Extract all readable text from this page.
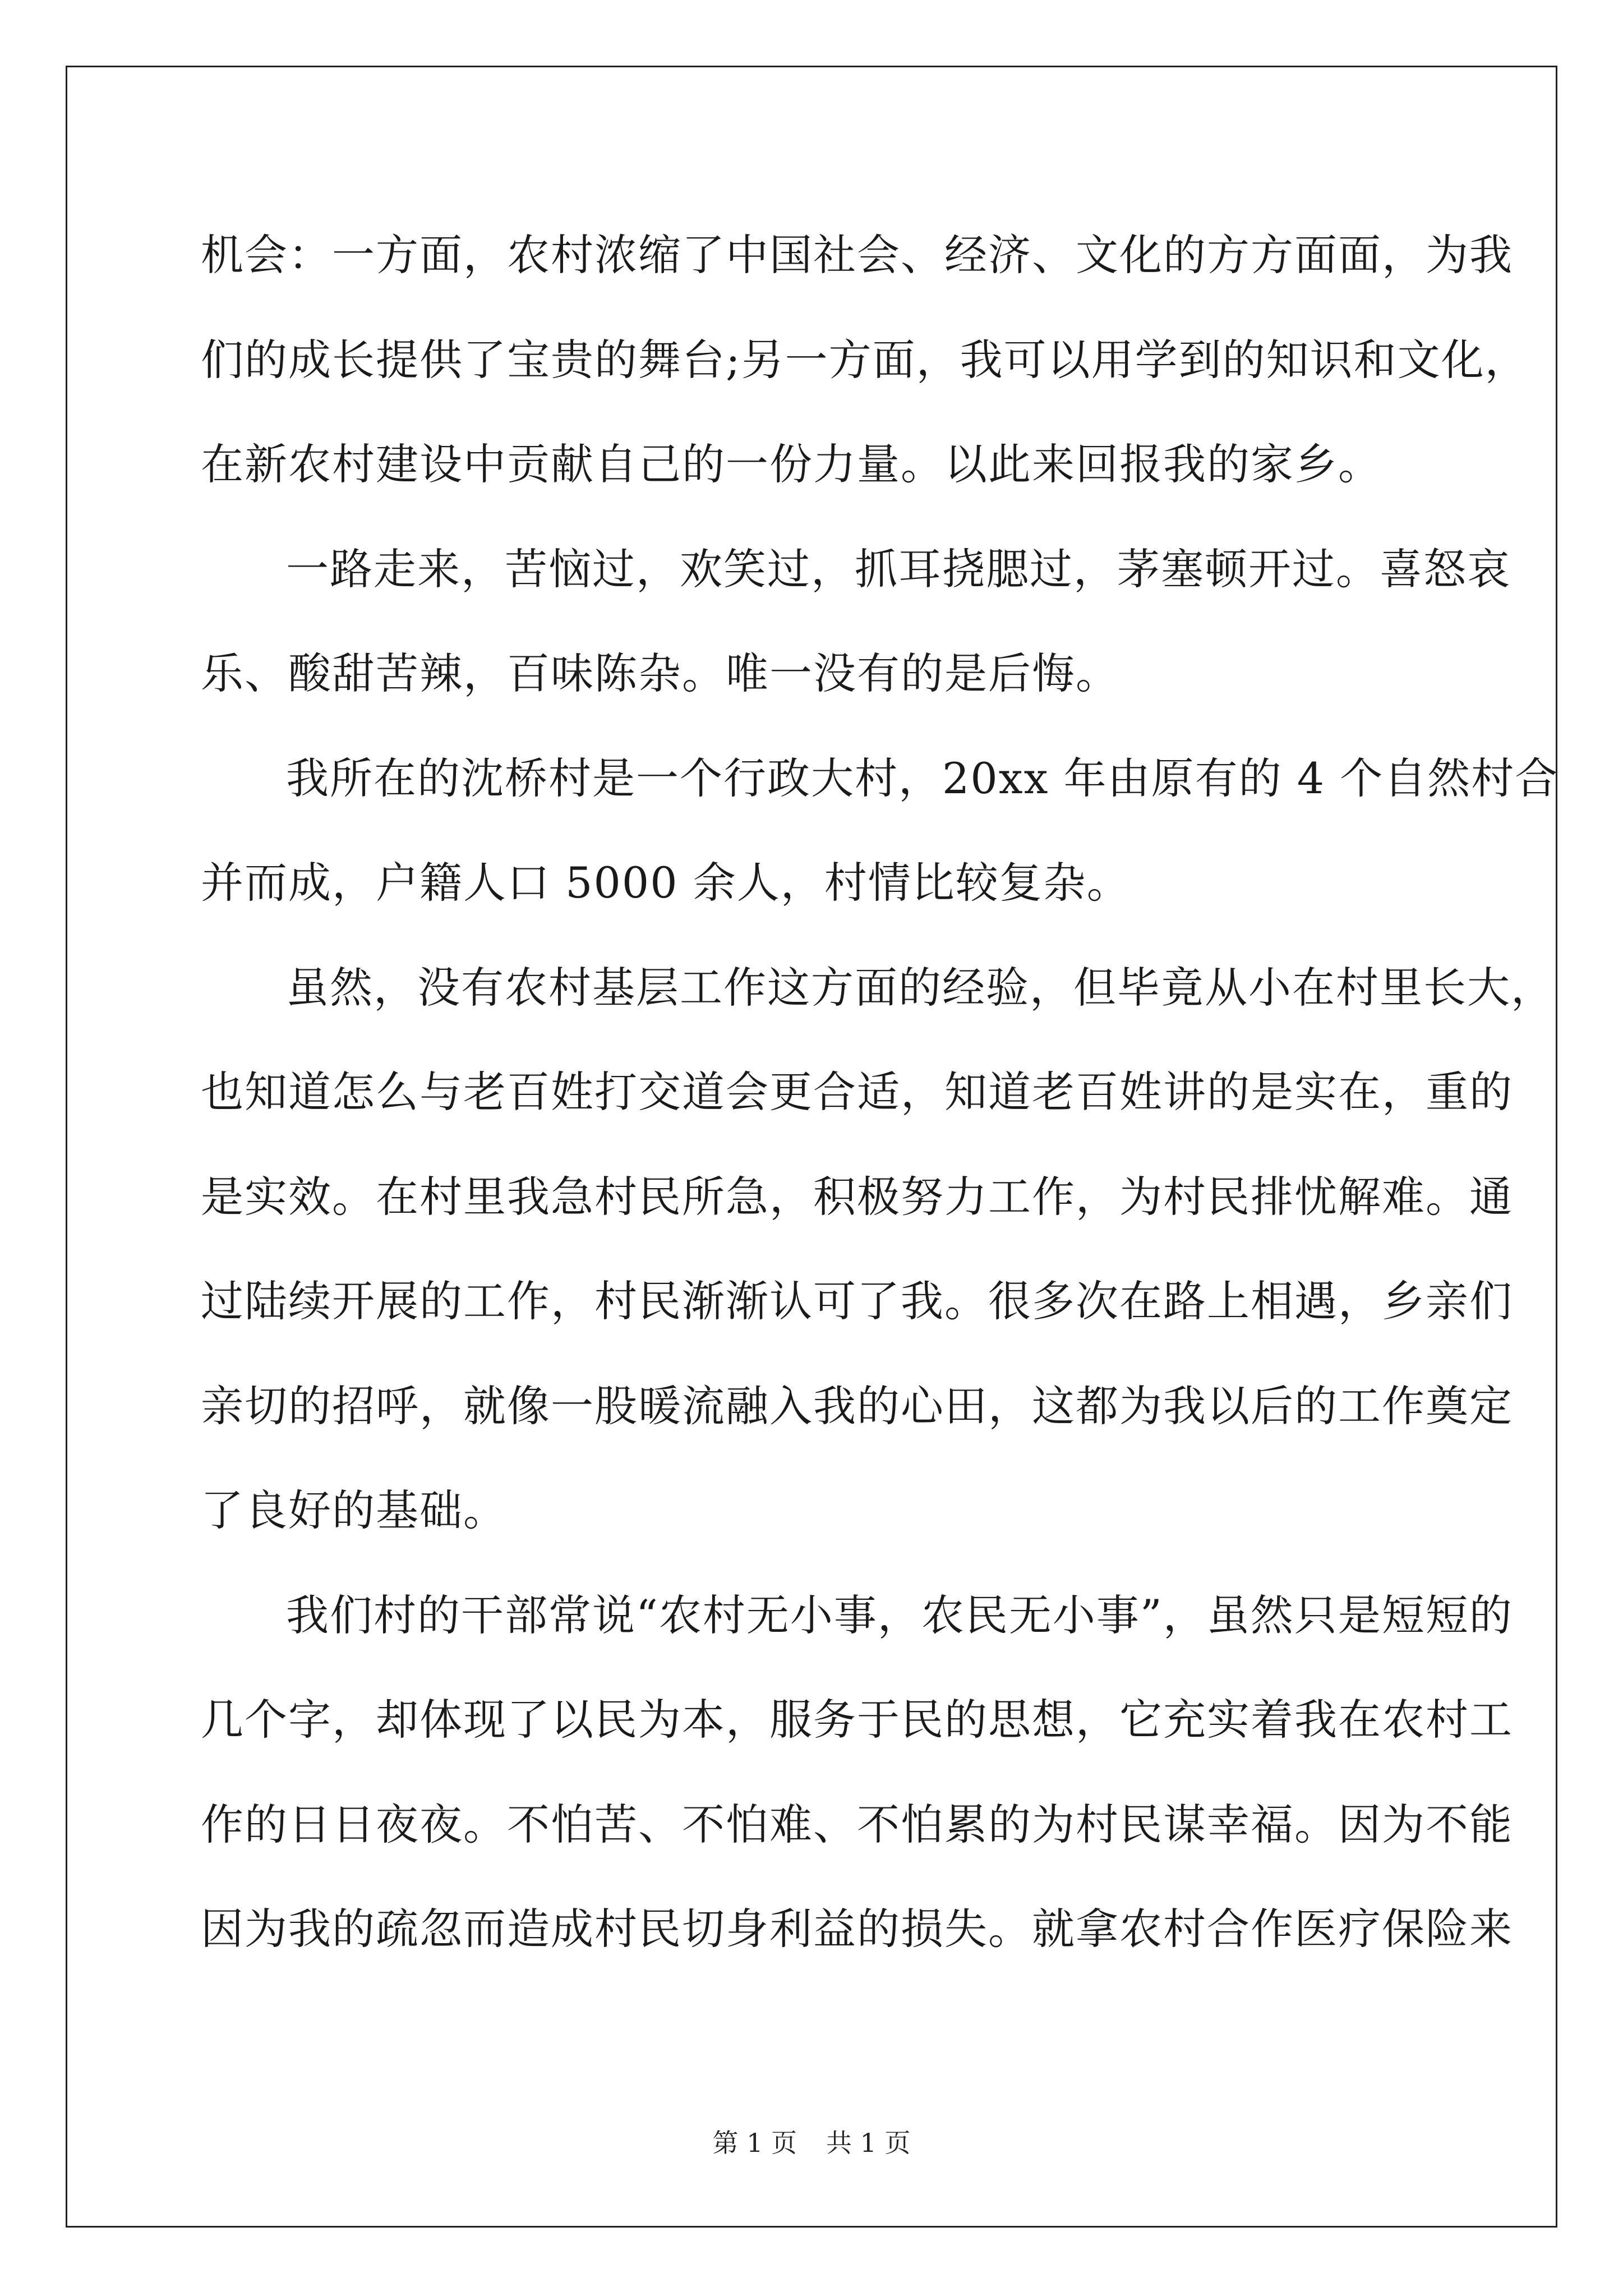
机会：一方面，农村浓缩了中国社会、经济、文化的方方面面，为我
们的成长提供了宝贵的舞台;另一方面，我可以用学到的知识和文化，
在新农村建设中贡献自己的一份力量。以此来回报我的家乡。
一路走来，苦恼过，欢笑过，抓耳挠腮过，茅塞顿开过。喜怒哀
乐、酸甜苦辣，百味陈杂。唯一没有的是后悔。
我所在的沈桥村是一个行政大村，20xx 年由原有的 4 个自然村合
并而成，户籍人口 5000 余人，村情比较复杂。
虽然，没有农村基层工作这方面的经验，但毕竟从小在村里长大，
也知道怎么与老百姓打交道会更合适，知道老百姓讲的是实在，重的
是实效。在村里我急村民所急，积极努力工作，为村民排忧解难。通
过陆续开展的工作，村民渐渐认可了我。很多次在路上相遇，乡亲们
亲切的招呼，就像一股暖流融入我的心田，这都为我以后的工作奠定
了良好的基础。
我们村的干部常说“农村无小事，农民无小事”，虽然只是短短的
几个字，却体现了以民为本，服务于民的思想，它充实着我在农村工
作的日日夜夜。不怕苦、不怕难、不怕累的为村民谋幸福。因为不能
因为我的疏忽而造成村民切身利益的损失。就拿农村合作医疗保险来
第 1 页 共 1 页
